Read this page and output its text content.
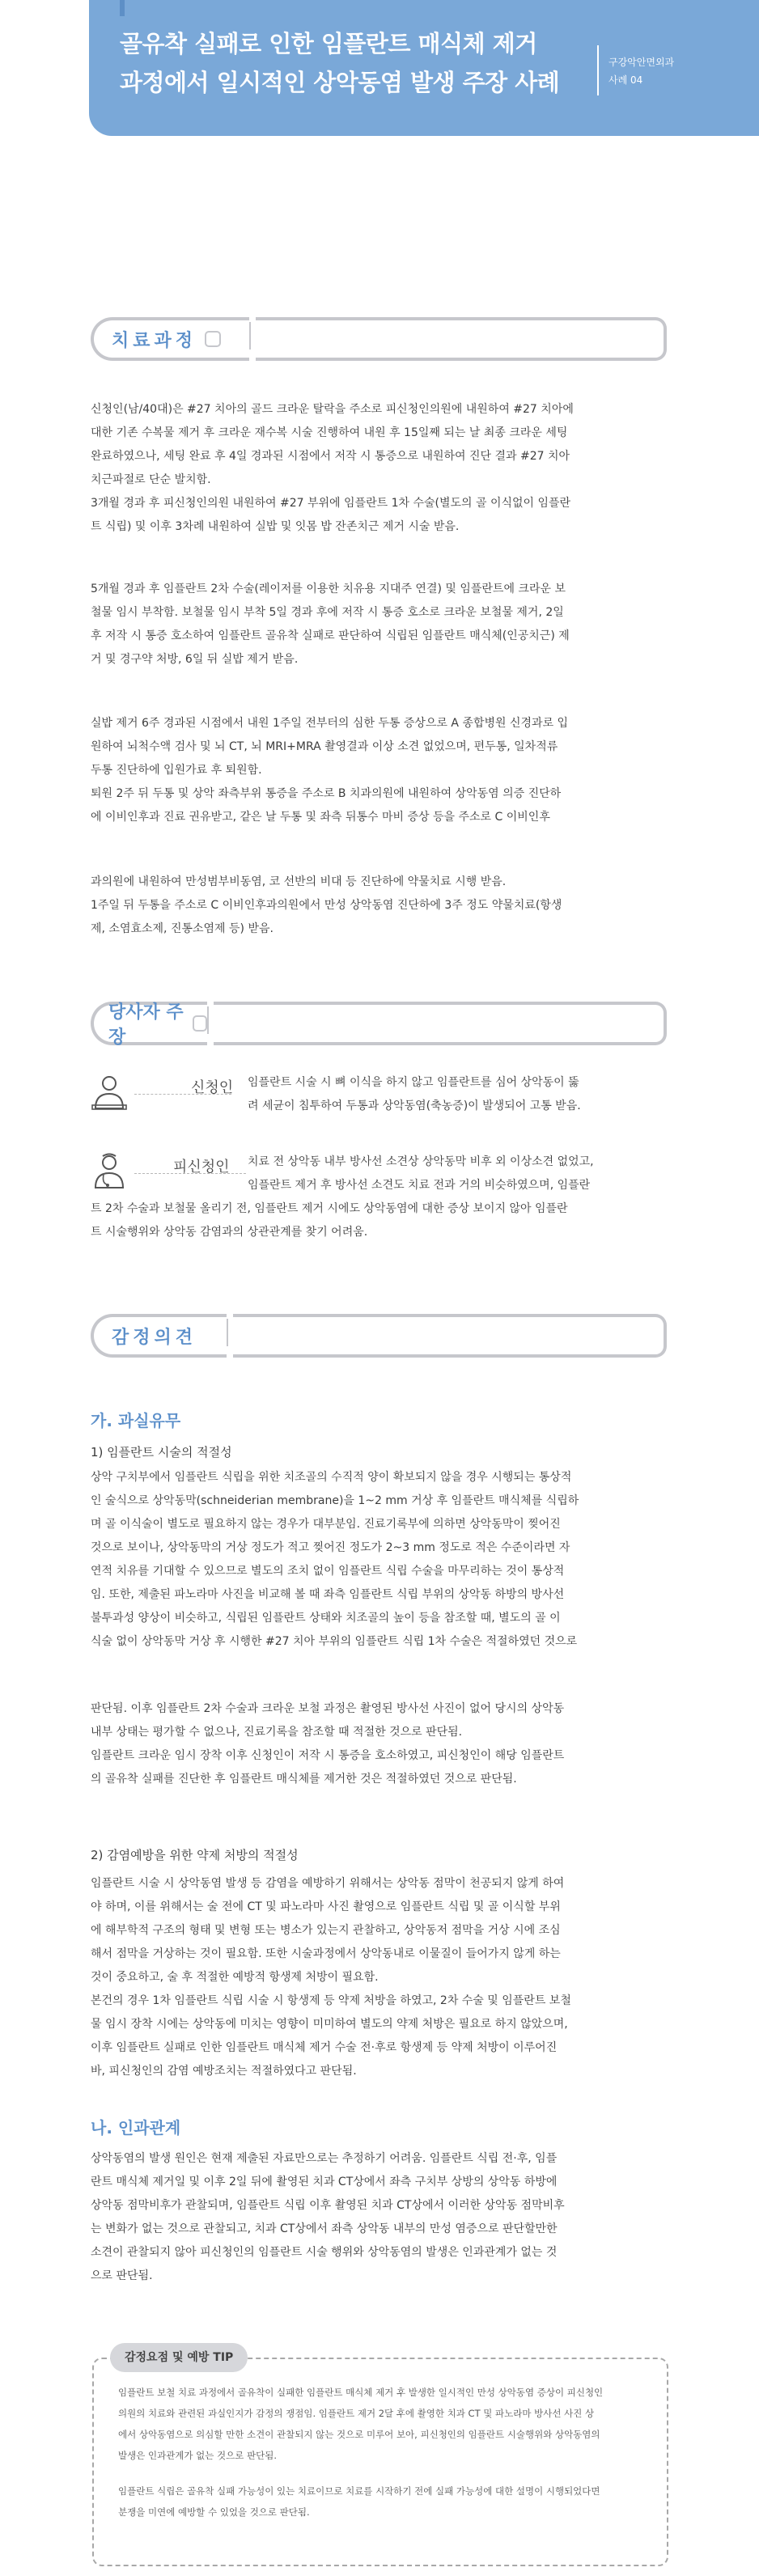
골유착 실패로 인한 임플란트 매식체 제거
과정에서 일시적인 상악동염 발생 주장 사례
구강악안면외과
사례 04
치료과정
신청인(남/40대)은 #27 치아의 골드 크라운 탈락을 주소로 피신청인의원에 내원하여 #27 치아에
대한 기존 수복물 제거 후 크라운 재수복 시술 진행하여 내원 후 15일째 되는 날 최종 크라운 세팅
완료하였으나, 세팅 완료 후 4일 경과된 시점에서 저작 시 통증으로 내원하여 진단 결과 #27 치아
치근파절로 단순 발치함.
3개월 경과 후 피신청인의원 내원하여 #27 부위에 임플란트 1차 수술(별도의 골 이식없이 임플란
트 식립) 및 이후 3차례 내원하여 실밥 및 잇몸 밥 잔존치근 제거 시술 받음.
5개월 경과 후 임플란트 2차 수술(레이저를 이용한 치유용 지대주 연결) 및 임플란트에 크라운 보
철물 임시 부착함. 보철물 임시 부착 5일 경과 후에 저작 시 통증 호소로 크라운 보철물 제거, 2일
후 저작 시 통증 호소하여 임플란트 골유착 실패로 판단하여 식립된 임플란트 매식체(인공치근) 제
거 및 경구약 처방, 6일 뒤 실밥 제거 받음.
실밥 제거 6주 경과된 시점에서 내원 1주일 전부터의 심한 두통 증상으로 A 종합병원 신경과로 입
원하여 뇌척수액 검사 및 뇌 CT, 뇌 MRI+MRA 촬영결과 이상 소견 없었으며, 편두통, 일차적류
두통 진단하에 입원가료 후 퇴원함.
퇴원 2주 뒤 두통 및 상악 좌측부위 통증을 주소로 B 치과의원에 내원하여 상악동염 의증 진단하
에 이비인후과 진료 권유받고, 같은 날 두통 및 좌측 뒤통수 마비 증상 등을 주소로 C 이비인후
과의원에 내원하여 만성범부비동염, 코 선반의 비대 등 진단하에 약물치료 시행 받음.
1주일 뒤 두통을 주소로 C 이비인후과의원에서 만성 상악동염 진단하에 3주 정도 약물치료(항생
제, 소염효소제, 진통소염제 등) 받음.
당사자 주장
신청인 임플란트 시술 시 뼈 이식을 하지 않고 임플란트를 심어 상악동이 뚫
려 세균이 침투하여 두통과 상악동염(축농증)이 발생되어 고통 받음.
피신청인 치료 전 상악동 내부 방사선 소견상 상악동막 비후 외 이상소견 없었고,
임플란트 제거 후 방사선 소견도 치료 전과 거의 비슷하였으며, 임플란
트 2차 수술과 보철물 올리기 전, 임플란트 제거 시에도 상악동염에 대한 증상 보이지 않아 임플란
트 시술행위와 상악동 감염과의 상관관계를 찾기 어려움.
감정의견
가. 과실유무
1) 임플란트 시술의 적절성
상악 구치부에서 임플란트 식립을 위한 치조골의 수직적 양이 확보되지 않을 경우 시행되는 통상적
인 술식으로 상악동막(schneiderian membrane)을 1~2 mm 거상 후 임플란트 매식체를 식립하
며 골 이식술이 별도로 필요하지 않는 경우가 대부분임. 진료기록부에 의하면 상악동막이 찢어진
것으로 보이나, 상악동막의 거상 정도가 적고 찢어진 정도가 2~3 mm 정도로 적은 수준이라면 자
연적 치유를 기대할 수 있으므로 별도의 조치 없이 임플란트 식립 수술을 마무리하는 것이 통상적
임. 또한, 제출된 파노라마 사진을 비교해 볼 때 좌측 임플란트 식립 부위의 상악동 하방의 방사선
불투과성 양상이 비슷하고, 식립된 임플란트 상태와 치조골의 높이 등을 참조할 때, 별도의 골 이
식술 없이 상악동막 거상 후 시행한 #27 치아 부위의 임플란트 식립 1차 수술은 적절하였던 것으로
판단됨. 이후 임플란트 2차 수술과 크라운 보철 과정은 촬영된 방사선 사진이 없어 당시의 상악동
내부 상태는 평가할 수 없으나, 진료기록을 참조할 때 적절한 것으로 판단됨.
임플란트 크라운 임시 장착 이후 신청인이 저작 시 통증을 호소하였고, 피신청인이 해당 임플란트
의 골유착 실패를 진단한 후 임플란트 매식체를 제거한 것은 적절하였던 것으로 판단됨.
2) 감염예방을 위한 약제 처방의 적절성
임플란트 시술 시 상악동염 발생 등 감염을 예방하기 위해서는 상악동 점막이 천공되지 않게 하여
야 하며, 이를 위해서는 술 전에 CT 및 파노라마 사진 촬영으로 임플란트 식립 및 골 이식할 부위
에 해부학적 구조의 형태 및 변형 또는 병소가 있는지 관찰하고, 상악동저 점막을 거상 시에 조심
해서 점막을 거상하는 것이 필요함. 또한 시술과정에서 상악동내로 이물질이 들어가지 않게 하는
것이 중요하고, 술 후 적절한 예방적 항생제 처방이 필요함.
본건의 경우 1차 임플란트 식립 시술 시 항생제 등 약제 처방을 하였고, 2차 수술 및 임플란트 보철
물 임시 장착 시에는 상악동에 미치는 영향이 미미하여 별도의 약제 처방은 필요로 하지 않았으며,
이후 임플란트 실패로 인한 임플란트 매식체 제거 수술 전·후로 항생제 등 약제 처방이 이루어진
바, 피신청인의 감염 예방조치는 적절하였다고 판단됨.
나. 인과관계
상악동염의 발생 원인은 현재 제출된 자료만으로는 추정하기 어려움. 임플란트 식립 전·후, 임플
란트 매식체 제거일 및 이후 2일 뒤에 촬영된 치과 CT상에서 좌측 구치부 상방의 상악동 하방에
상악동 점막비후가 관찰되며, 임플란트 식립 이후 촬영된 치과 CT상에서 이러한 상악동 점막비후
는 변화가 없는 것으로 관찰되고, 치과 CT상에서 좌측 상악동 내부의 만성 염증으로 판단할만한
소견이 관찰되지 않아 피신청인의 임플란트 시술 행위와 상악동염의 발생은 인과관계가 없는 것
으로 판단됨.
감정요점 및 예방 TIP
임플란트 보철 치료 과정에서 골유착이 실패한 임플란트 매식체 제거 후 발생한 일시적인 만성 상악동염 증상이 피신청인
의원의 치료와 관련된 과실인지가 감정의 쟁점임. 임플란트 제거 2달 후에 촬영한 치과 CT 및 파노라마 방사선 사진 상
에서 상악동염으로 의심할 만한 소견이 관찰되지 않는 것으로 미루어 보아, 피신청인의 임플란트 시술행위와 상악동염의
발생은 인과관계가 없는 것으로 판단됨.
임플란트 식립은 골유착 실패 가능성이 있는 치료이므로 치료를 시작하기 전에 실패 가능성에 대한 설명이 시행되었다면
분쟁을 미연에 예방할 수 있었을 것으로 판단됨.
